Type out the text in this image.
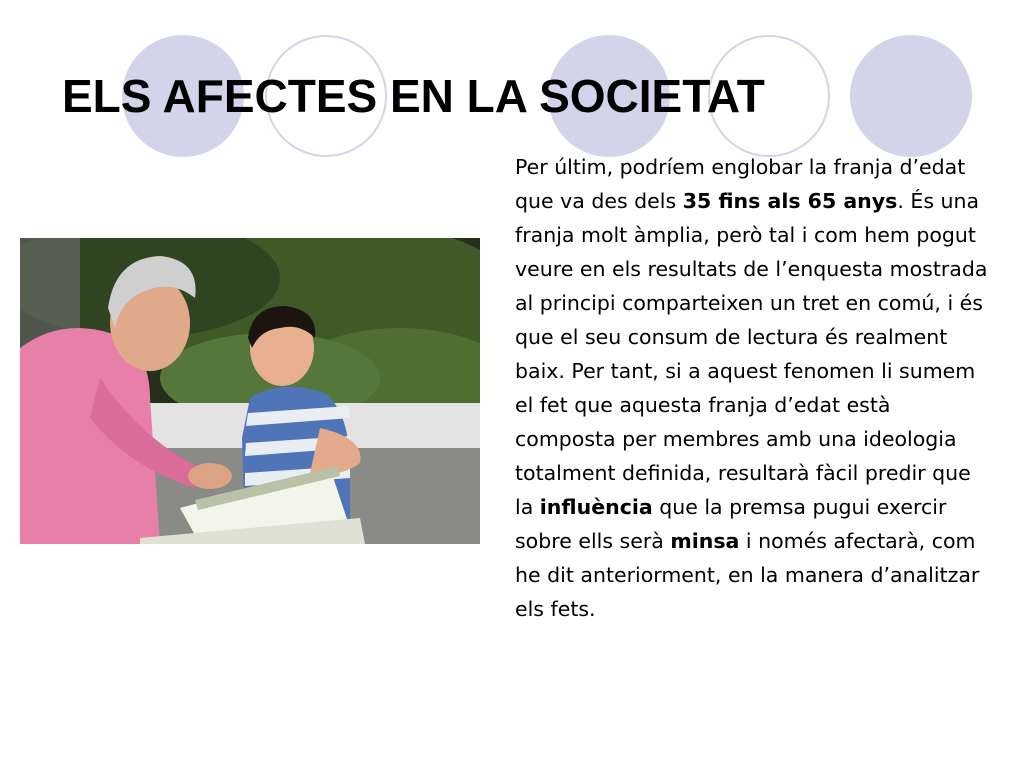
ELS AFECTES EN LA SOCIETAT

Per últim, podríem englobar la franja d’edat que va des dels 35 fins als 65 anys. És una franja molt àmplia, però tal i com hem pogut veure en els resultats de l’enquesta mostrada al principi comparteixen un tret en comú, i és que el seu consum de lectura és realment baix. Per tant, si a aquest fenomen li sumem el fet que aquesta franja d’edat està composta per membres amb una ideologia totalment definida, resultarà fàcil predir que la influència que la premsa pugui exercir sobre ells serà minsa i només afectarà, com he dit anteriorment, en la manera d’analitzar els fets.
